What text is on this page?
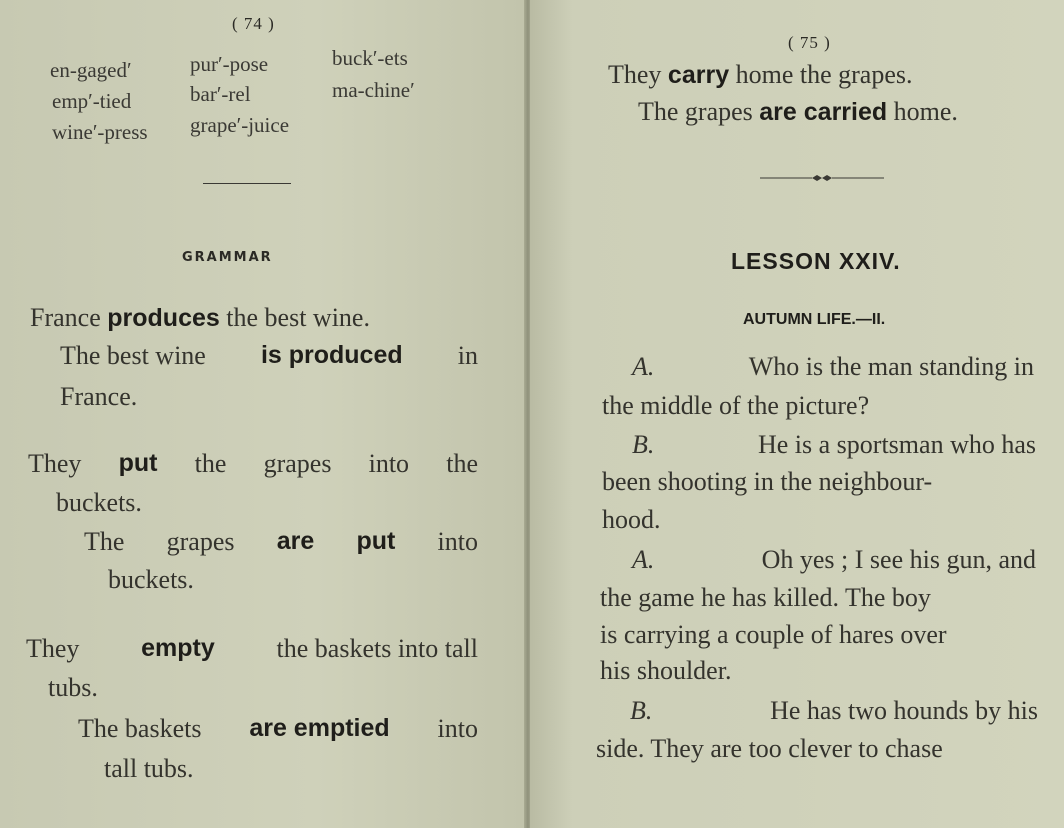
( 74 )
en-gaged′	pur′-pose	buck′-ets
emp′-tied	bar′-rel	ma-chine′
wine′-press grape′-juice
GRAMMAR
France produces the best wine.
The best wine is produced in
France.
They put the grapes into the
buckets.
The grapes are put into
buckets.
They empty the baskets into tall
tubs.
The baskets are emptied into
tall tubs.
( 75 )
They carry home the grapes.
The grapes are carried home.
LESSON XXIV.
AUTUMN LIFE.—II.
A.	Who is the man standing in
the middle of the picture?
B.	He is a sportsman who has
been shooting in the neighbour-
hood.
A.	Oh yes ; I see his gun, and
the game he has killed. The boy
is carrying a couple of hares over
his shoulder.
B.	He has two hounds by his
side. They are too clever to chase
